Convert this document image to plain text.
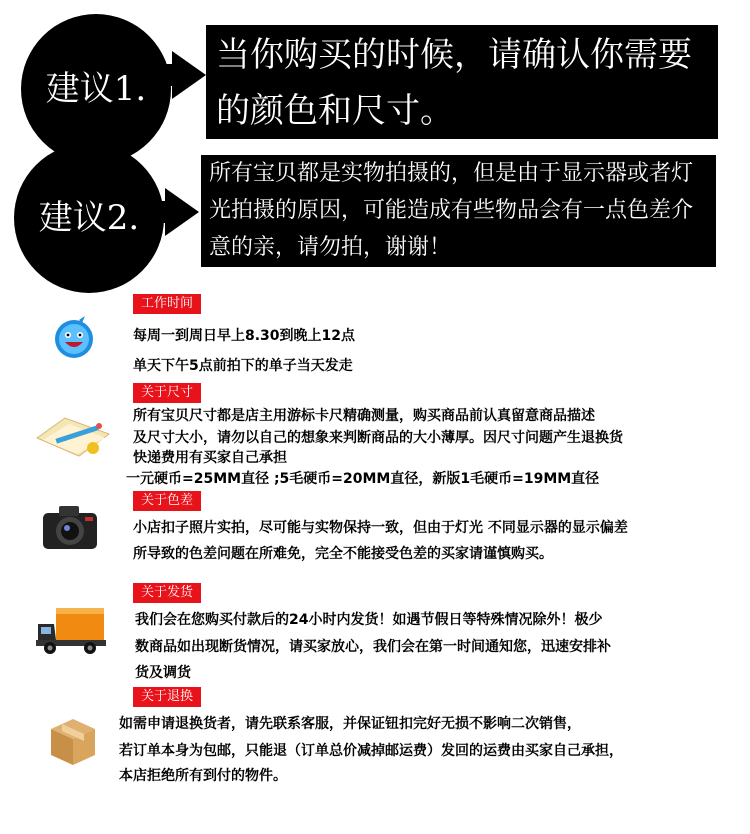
建议1.
当你购买的时候，请确认你需要的颜色和尺寸。
建议2.
所有宝贝都是实物拍摄的，但是由于显示器或者灯光拍摄的原因，可能造成有些物品会有一点色差介意的亲，请勿拍，谢谢！
工作时间
每周一到周日早上8.30到晚上12点
单天下午5点前拍下的单子当天发走
关于尺寸
所有宝贝尺寸都是店主用游标卡尺精确测量，购买商品前认真留意商品描述
及尺寸大小，请勿以自己的想象来判断商品的大小薄厚。因尺寸问题产生退换货
快递费用有买家自己承担
一元硬币=25MM直径 ;5毛硬币=20MM直径，新版1毛硬币=19MM直径
关于色差
小店扣子照片实拍，尽可能与实物保持一致，但由于灯光 不同显示器的显示偏差
所导致的色差问题在所难免，完全不能接受色差的买家请谨慎购买。
关于发货
我们会在您购买付款后的24小时内发货！如遇节假日等特殊情况除外！极少
数商品如出现断货情况，请买家放心，我们会在第一时间通知您，迅速安排补
货及调货
关于退换
如需申请退换货者，请先联系客服，并保证钮扣完好无损不影响二次销售，
若订单本身为包邮，只能退（订单总价减掉邮运费）发回的运费由买家自己承担，
本店拒绝所有到付的物件。
